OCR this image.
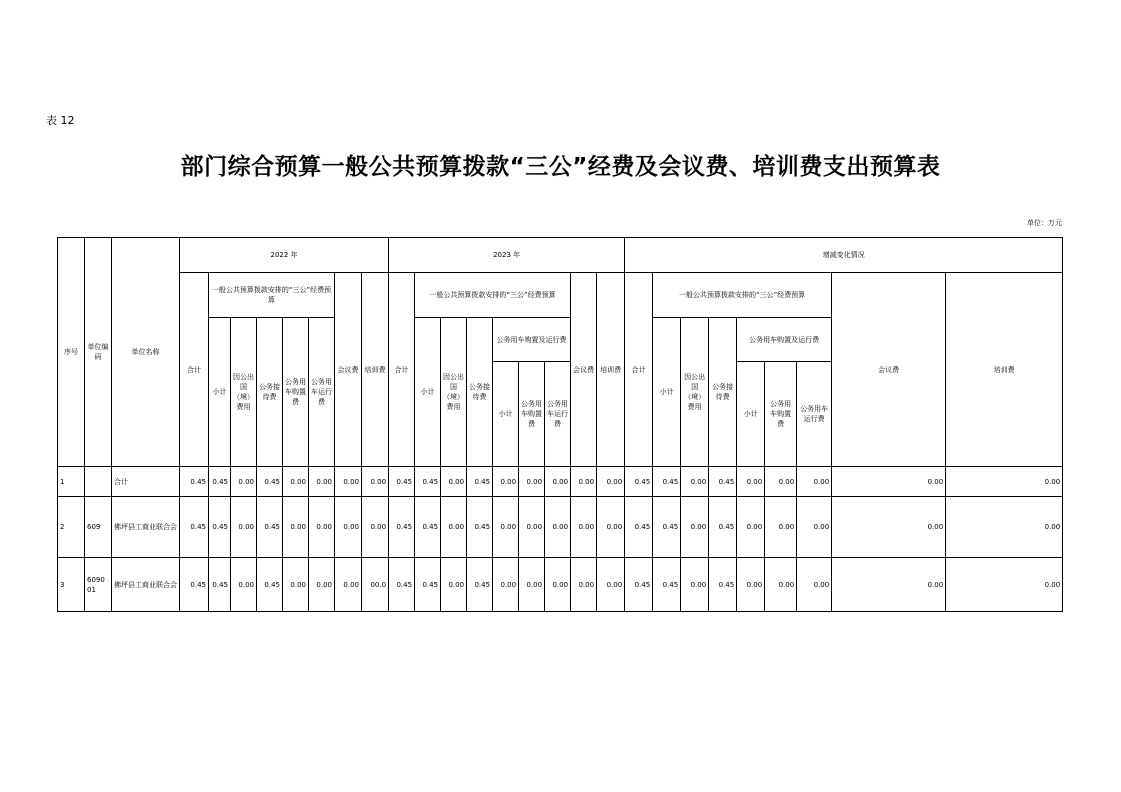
表 12
部门综合预算一般公共预算拨款“三公”经费及会议费、培训费支出预算表
单位：万元
序号	单位编码	单位名称	2022 年								2023 年									增减变化情况								
			合计	一般公共预算拨款安排的“三公”经费预算					会议费	培训费	合计	一般公共预算拨款安排的“三公”经费预算						会议费	培训费	合计	一般公共预算拨款安排的“三公”经费预算						会议费	培训费
				小计	因公出国（境）费用	公务接待费	公务用车购置费	公务用车运行费				小计	因公出国（境）费用	公务接待费	公务用车购置及运行费						小计	因公出国（境）费用	公务接待费	公务用车购置及运行费				
															小计	公务用车购置费	公务用车运行费							小计	公务用车购置费	公务用车运行费		

1		合计	0.45	0.45	0.00	0.45	0.00	0.00	0.00	0.00	0.45	0.45	0.00	0.45	0.00	0.00	0.00	0.00	0.00	0.45	0.45	0.00	0.45	0.00	0.00	0.00	0.00	0.00
2	609	佛坪县工商业联合会	0.45	0.45	0.00	0.45	0.00	0.00	0.00	0.00	0.45	0.45	0.00	0.45	0.00	0.00	0.00	0.00	0.00	0.45	0.45	0.00	0.45	0.00	0.00	0.00	0.00	0.00
3	609001	佛坪县工商业联合会	0.45	0.45	0.00	0.45	0.00	0.00	0.00	00.0	0.45	0.45	0.00	0.45	0.00	0.00	0.00	0.00	0.00	0.45	0.45	0.00	0.45	0.00	0.00	0.00	0.00	0.00
